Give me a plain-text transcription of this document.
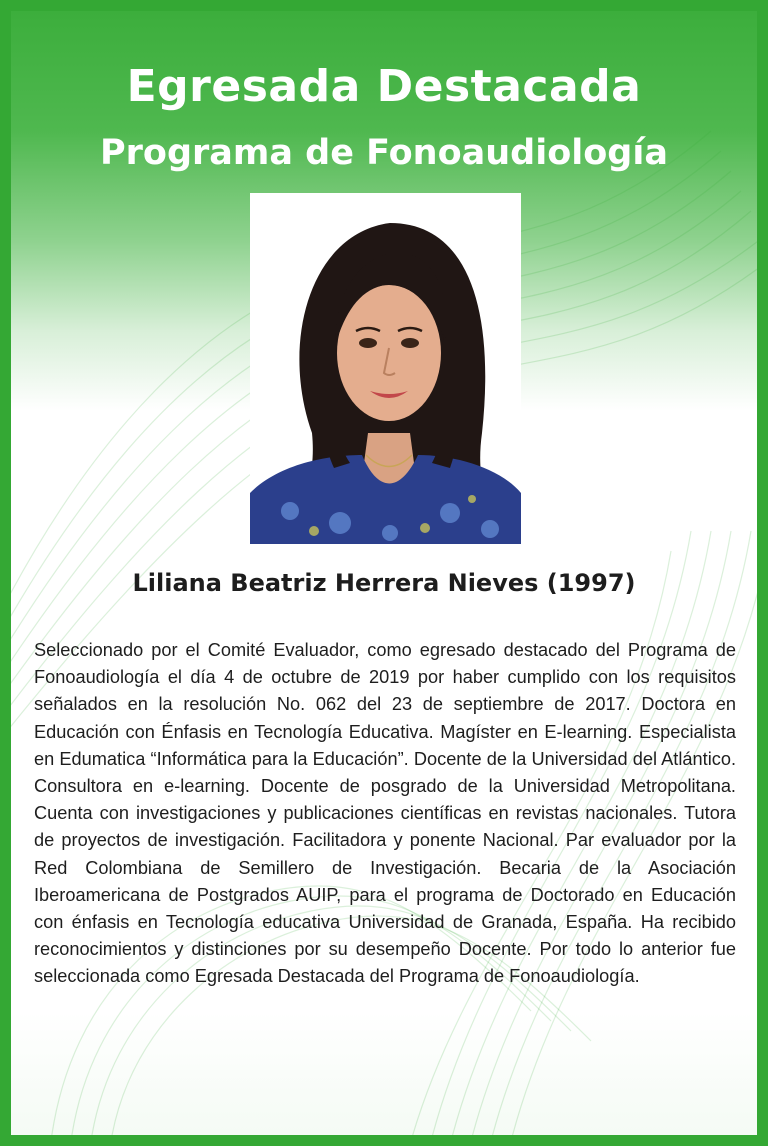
Egresada Destacada
Programa de Fonoaudiología
Liliana Beatriz Herrera Nieves (1997)

Seleccionado por el Comité Evaluador, como egresado destacado del Programa de Fonoaudiología el día 4 de octubre de 2019 por haber cumplido con los requisitos señalados en la resolución No. 062 del 23 de septiembre de 2017. Doctora en Educación con Énfasis en Tecnología Educativa. Magíster en E-learning. Especialista en Edumatica “Informática para la Educación”. Docente de la Universidad del Atlántico. Consultora en e-learning. Docente de posgrado de la Universidad Metropolitana. Cuenta con investigaciones y publicaciones científicas en revistas nacionales. Tutora de proyectos de investigación. Facilitadora y ponente Nacional. Par evaluador por la Red Colombiana de Semillero de Investigación. Becaria de la Asociación Iberoamericana de Postgrados AUIP, para el programa de Doctorado en Educación con énfasis en Tecnología educativa Universidad de Granada, España. Ha recibido reconocimientos y distinciones por su desempeño Docente. Por todo lo anterior fue seleccionada como Egresada Destacada del Programa de Fonoaudiología.
